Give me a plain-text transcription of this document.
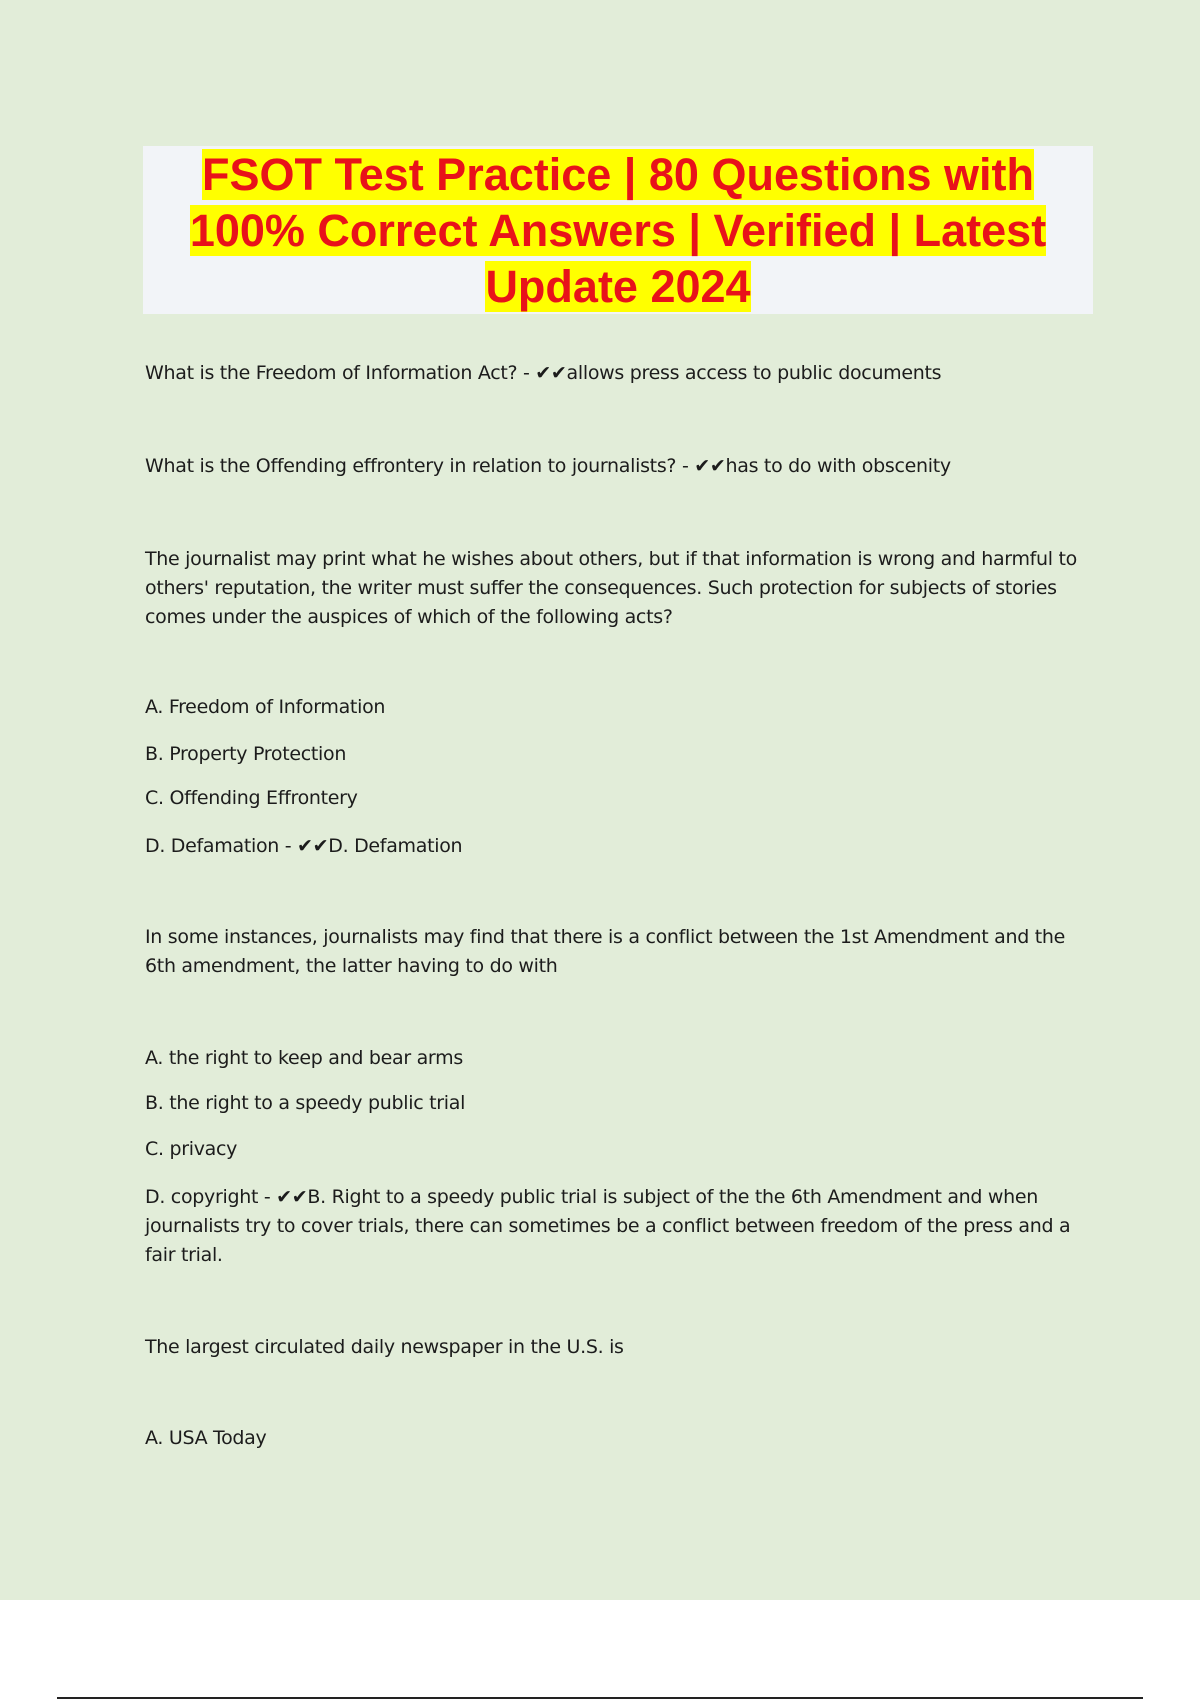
FSOT Test Practice | 80 Questions with 100% Correct Answers | Verified | Latest Update 2024
What is the Freedom of Information Act? - ✔✔allows press access to public documents
What is the Offending effrontery in relation to journalists? - ✔✔has to do with obscenity
The journalist may print what he wishes about others, but if that information is wrong and harmful to others' reputation, the writer must suffer the consequences. Such protection for subjects of stories comes under the auspices of which of the following acts?
A. Freedom of Information
B. Property Protection
C. Offending Effrontery
D. Defamation - ✔✔D. Defamation
In some instances, journalists may find that there is a conflict between the 1st Amendment and the 6th amendment, the latter having to do with
A. the right to keep and bear arms
B. the right to a speedy public trial
C. privacy
D. copyright - ✔✔B. Right to a speedy public trial is subject of the the 6th Amendment and when journalists try to cover trials, there can sometimes be a conflict between freedom of the press and a fair trial.
The largest circulated daily newspaper in the U.S. is
A. USA Today
